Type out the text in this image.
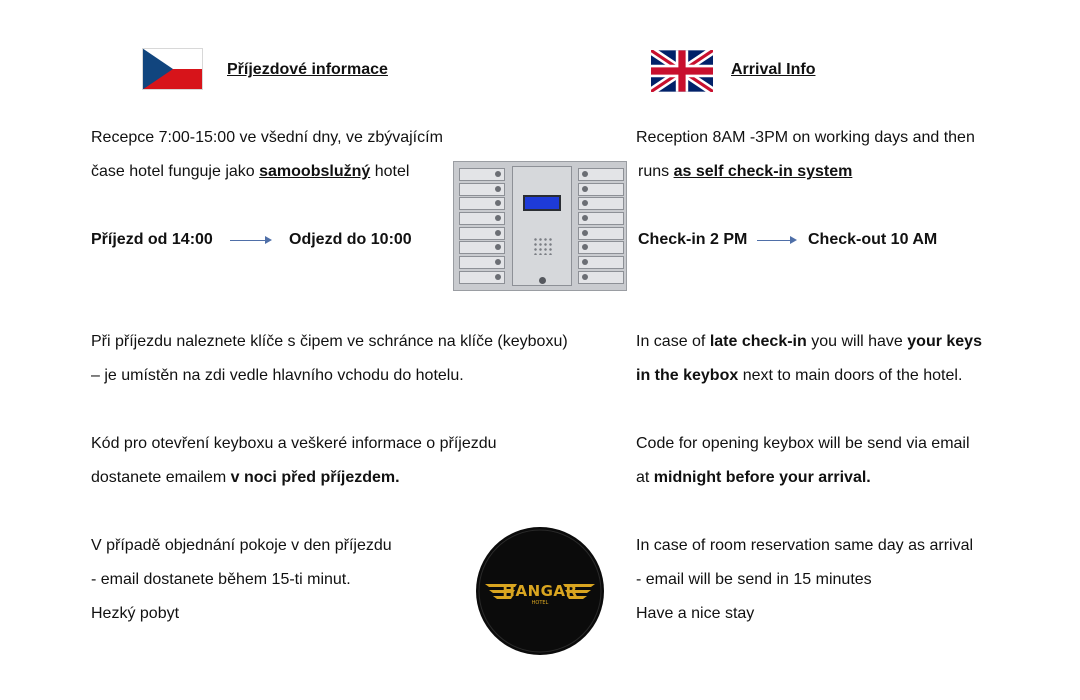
Příjezdové informace	Arrival Info
Recepce 7:00-15:00 ve všední dny, ve zbývajícím
čase hotel funguje jako samoobslužný hotel
Reception 8AM -3PM on working days and then
runs as self check-in system
Příjezd od 14:00	Odjezd do 10:00	Check-in 2 PM	Check-out 10 AM
Při příjezdu naleznete klíče s čipem ve schránce na klíče (keyboxu)
– je umístěn na zdi vedle hlavního vchodu do hotelu.
In case of late check-in you will have your keys
in the keybox next to main doors of the hotel.
Kód pro otevření keyboxu a veškeré informace o příjezdu
dostanete emailem v noci před příjezdem.
Code for opening keybox will be send via email
at midnight before your arrival.
V případě objednání pokoje v den příjezdu
- email dostanete během 15-ti minut.
Hezký pobyt
In case of room reservation same day as arrival
- email will be send in 15 minutes
Have a nice stay
HANGAR
HOTEL
